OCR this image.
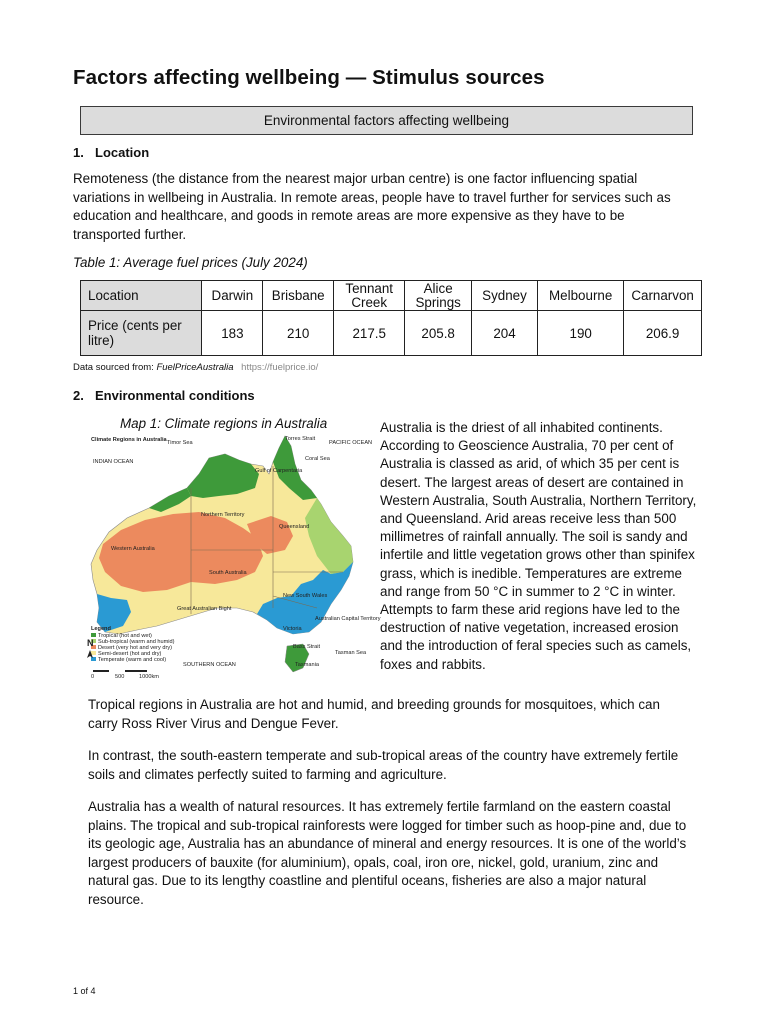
Factors affecting wellbeing — Stimulus sources
Environmental factors affecting wellbeing
1. Location

Remoteness (the distance from the nearest major urban centre) is one factor influencing spatial variations in wellbeing in Australia. In remote areas, people have to travel further for services such as education and healthcare, and goods in remote areas are more expensive as they have to be transported further.

Table 1: Average fuel prices (July 2024)

Location	Darwin	Brisbane	Tennant Creek	Alice Springs	Sydney	Melbourne	Carnarvon
Price (cents per litre)	183	210	217.5	205.8	204	190	206.9
Data sourced from: FuelPriceAustralia https://fuelprice.io/
2. Environmental conditions

Map 1: Climate regions in Australia

Climate Regions in Australia Timor Sea
Torres Strait
PACIFIC OCEAN
INDIAN OCEAN
Gulf of Carpentaria
Coral Sea
Northern Territory
Queensland
Western Australia
South Australia
New South Wales
Australian Capital Territory
Victoria
Great Australian Bight
Bass Strait
Tasman Sea
Tasmania
SOUTHERN OCEAN
Legend
Tropical (hot and wet)
Sub-tropical (warm and humid)
Desert (very hot and very dry)
Semi-desert (hot and dry)
Temperate (warm and cool)
N
0	500	1000km

Australia is the driest of all inhabited continents. According to Geoscience Australia, 70 per cent of Australia is classed as arid, of which 35 per cent is desert. The largest areas of desert are contained in Western Australia, South Australia, Northern Territory, and Queensland. Arid areas receive less than 500 millimetres of rainfall annually. The soil is sandy and infertile and little vegetation grows other than spinifex grass, which is inedible. Temperatures are extreme and range from 50 °C in summer to 2 °C in winter. Attempts to farm these arid regions have led to the destruction of native vegetation, increased erosion and the introduction of feral species such as camels, foxes and rabbits.

Tropical regions in Australia are hot and humid, and breeding grounds for mosquitoes, which can carry Ross River Virus and Dengue Fever.

In contrast, the south-eastern temperate and sub-tropical areas of the country have extremely fertile soils and climates perfectly suited to farming and agriculture.

Australia has a wealth of natural resources. It has extremely fertile farmland on the eastern coastal plains. The tropical and sub-tropical rainforests were logged for timber such as hoop-pine and, due to its geologic age, Australia has an abundance of mineral and energy resources. It is one of the world’s largest producers of bauxite (for aluminium), opals, coal, iron ore, nickel, gold, uranium, zinc and natural gas. Due to its lengthy coastline and plentiful oceans, fisheries are also a major natural resource.

1 of 4
